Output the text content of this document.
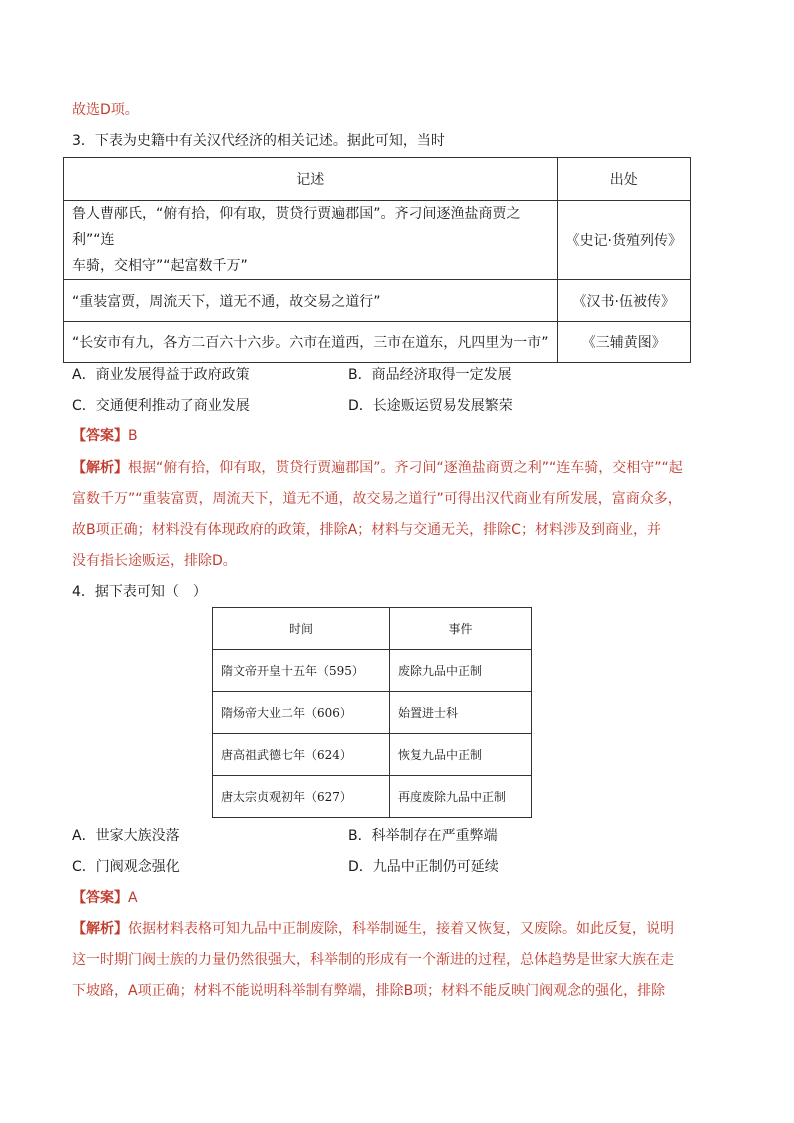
故选D项。
3．下表为史籍中有关汉代经济的相关记述。据此可知，当时
记述	出处

鲁人曹邴氏，“俯有拾，仰有取，贳贷行贾遍郡国”。齐刁间逐渔盐商贾之利”“连
车骑，交相守”“起富数千万”	《史记·货殖列传》
“重装富贾，周流天下，道无不通，故交易之道行”	《汉书·伍被传》
“长安市有九，各方二百六十六步。六市在道西，三市在道东，凡四里为一市”	《三辅黄图》
A．商业发展得益于政府政策	B．商品经济取得一定发展
C．交通便利推动了商业发展	D．长途贩运贸易发展繁荣
【答案】B
【解析】根据“俯有拾，仰有取，贳贷行贾遍郡国”。齐刁间“逐渔盐商贾之利”“连车骑，交相守”“起
富数千万”“重装富贾，周流天下，道无不通，故交易之道行”可得出汉代商业有所发展，富商众多，
故B项正确；材料没有体现政府的政策，排除A；材料与交通无关，排除C；材料涉及到商业，并
没有指长途贩运，排除D。
4．据下表可知（　）
时间	事件
隋文帝开皇十五年（595）	废除九品中正制
隋炀帝大业二年（606）	始置进士科
唐高祖武德七年（624）	恢复九品中正制
唐太宗贞观初年（627）	再度废除九品中正制
A．世家大族没落	B．科举制存在严重弊端
C．门阀观念强化	D．九品中正制仍可延续
【答案】A
【解析】依据材料表格可知九品中正制废除，科举制诞生，接着又恢复，又废除。如此反复，说明
这一时期门阀士族的力量仍然很强大，科举制的形成有一个渐进的过程，总体趋势是世家大族在走
下坡路，A项正确；材料不能说明科举制有弊端，排除B项；材料不能反映门阀观念的强化，排除
